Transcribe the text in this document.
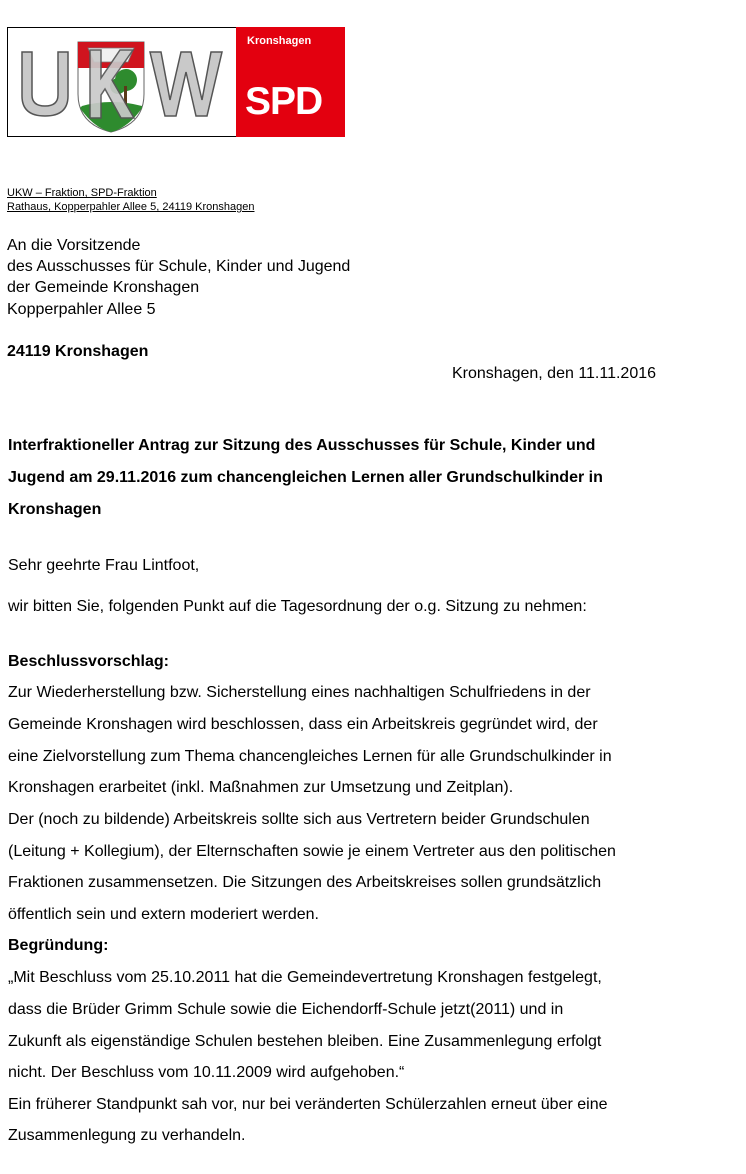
UKW
Kronshagen
SPD
UKW – Fraktion, SPD-Fraktion
Rathaus, Kopperpahler Allee 5, 24119 Kronshagen
An die Vorsitzende
des Ausschusses für Schule, Kinder und Jugend
der Gemeinde Kronshagen
Kopperpahler Allee 5
24119 Kronshagen
Kronshagen, den 11.11.2016
Interfraktioneller Antrag zur Sitzung des Ausschusses für Schule, Kinder und
Jugend am 29.11.2016 zum chancengleichen Lernen aller Grundschulkinder in
Kronshagen
Sehr geehrte Frau Lintfoot,
wir bitten Sie, folgenden Punkt auf die Tagesordnung der o.g. Sitzung zu nehmen:
Beschlussvorschlag:
Zur Wiederherstellung bzw. Sicherstellung eines nachhaltigen Schulfriedens in der
Gemeinde Kronshagen wird beschlossen, dass ein Arbeitskreis gegründet wird, der
eine Zielvorstellung zum Thema chancengleiches Lernen für alle Grundschulkinder in
Kronshagen erarbeitet (inkl. Maßnahmen zur Umsetzung und Zeitplan).
Der (noch zu bildende) Arbeitskreis sollte sich aus Vertretern beider Grundschulen
(Leitung + Kollegium), der Elternschaften sowie je einem Vertreter aus den politischen
Fraktionen zusammensetzen. Die Sitzungen des Arbeitskreises sollen grundsätzlich
öffentlich sein und extern moderiert werden.
Begründung:
„Mit Beschluss vom 25.10.2011 hat die Gemeindevertretung Kronshagen festgelegt,
dass die Brüder Grimm Schule sowie die Eichendorff-Schule jetzt(2011) und in
Zukunft als eigenständige Schulen bestehen bleiben. Eine Zusammenlegung erfolgt
nicht. Der Beschluss vom 10.11.2009 wird aufgehoben.“
Ein früherer Standpunkt sah vor, nur bei veränderten Schülerzahlen erneut über eine
Zusammenlegung zu verhandeln.
